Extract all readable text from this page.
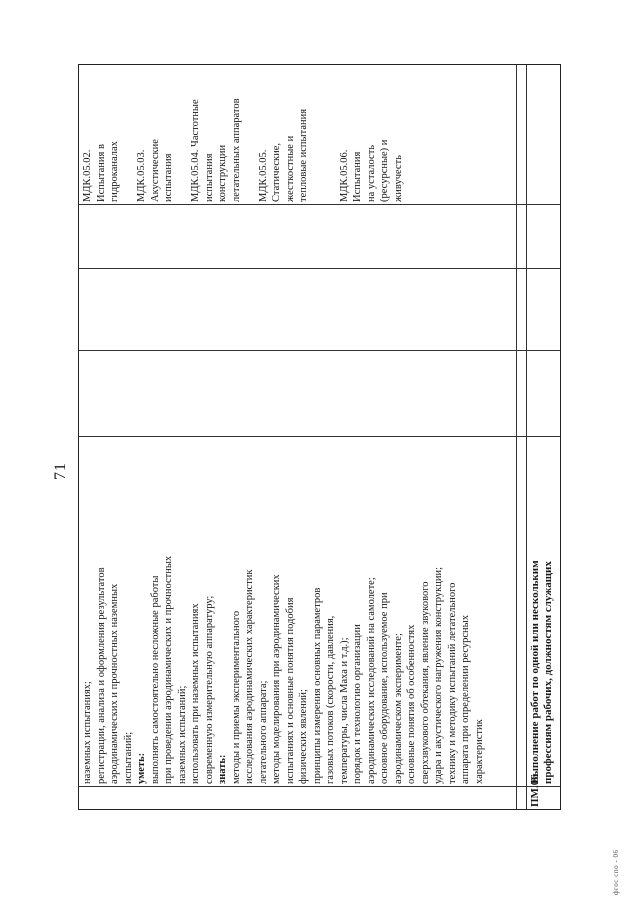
71
наземных испытаниях; регистрации, анализа и оформления результатов аэродинамических и прочностных наземных испытаний; уметь: выполнять самостоятельно несложные работы при проведении аэродинамических и прочностных наземных испытаний; использовать при наземных испытаниях современную измерительную аппаратуру; знать: методы и приемы экспериментального исследования аэродинамических характеристик летательного аппарата; методы моделирования при аэродинамических испытаниях и основные понятия подобия физических явлений; принципы измерения основных параметров газовых потоков (скорости, давления, температуры, числа Маха и т.д.); порядок и технологию организации аэродинамических исследований на самолете; основное оборудование, используемое при аэродинамическом эксперименте; основные понятия об особенностях сверхзвукового обтекания, явление звукового удара и акустического нагружения конструкции; технику и методику испытаний летательного аппарата при определении ресурсных характеристик
МДК.05.02. Испытания в гидроканалах
МДК.05.03. Акустические испытания
МДК.05.04. Частотные испытания конструкции летательных аппаратов
МДК.05.05. Статические, жесткостные и тепловые испытания

	МДК.05.06. Испытания на усталость (ресурсные) и живучесть
ПМ.06
Выполнение работ по одной или нескольким профессиям рабочих, должностям служащих
фгос спо - 06
